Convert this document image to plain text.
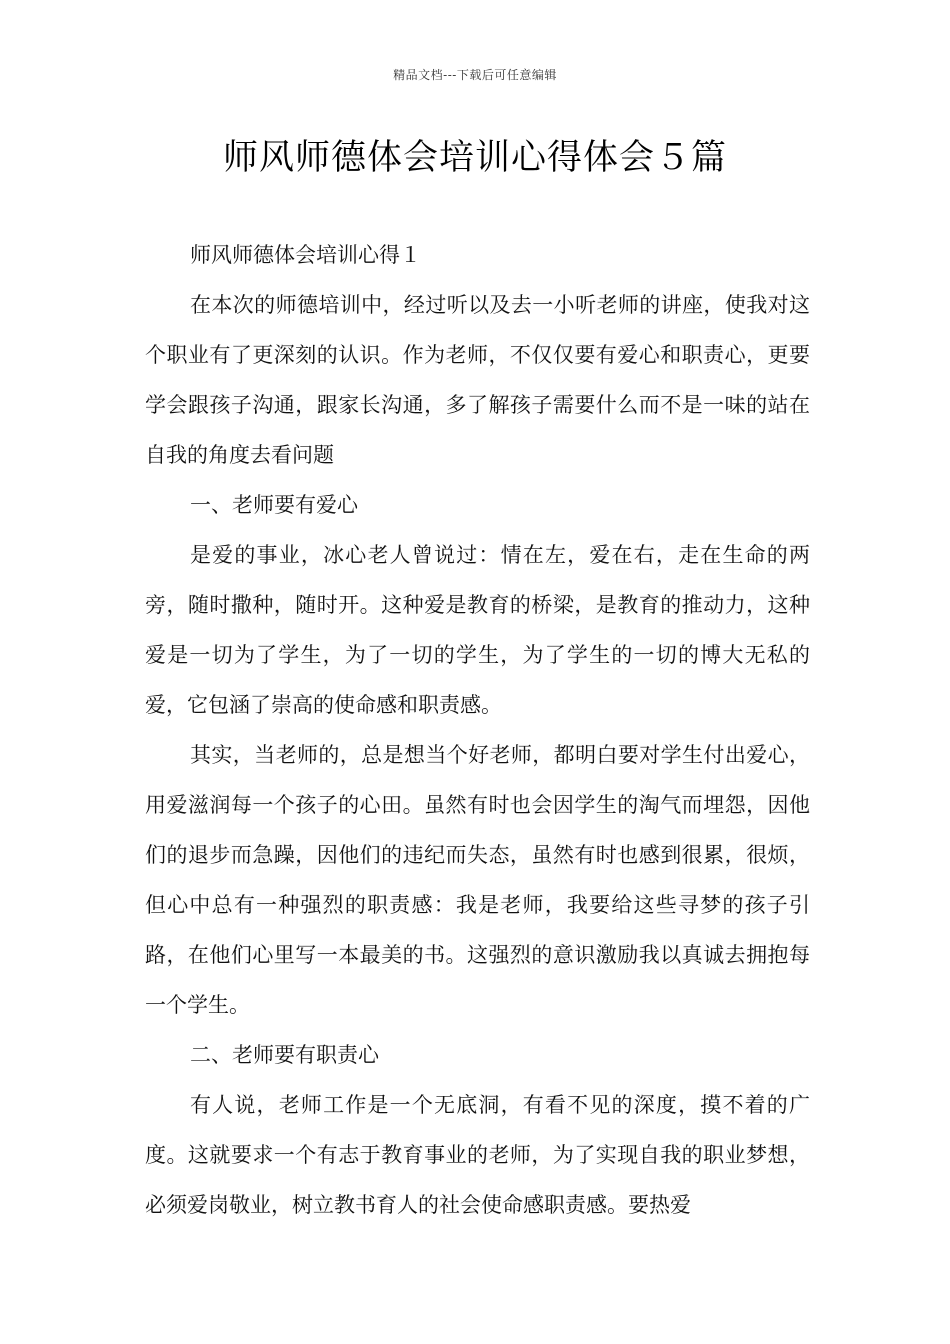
精品文档---下载后可任意编辑
师风师德体会培训心得体会５篇

师风师德体会培训心得１

在本次的师德培训中，经过听以及去一小听老师的讲座，使我对这个职业有了更深刻的认识。作为老师，不仅仅要有爱心和职责心，更要学会跟孩子沟通，跟家长沟通，多了解孩子需要什么而不是一味的站在自我的角度去看问题

一、老师要有爱心

是爱的事业，冰心老人曾说过：情在左，爱在右，走在生命的两旁，随时撒种，随时开。这种爱是教育的桥梁，是教育的推动力，这种爱是一切为了学生，为了一切的学生，为了学生的一切的博大无私的爱，它包涵了崇高的使命感和职责感。

其实，当老师的，总是想当个好老师，都明白要对学生付出爱心，用爱滋润每一个孩子的心田。虽然有时也会因学生的淘气而埋怨，因他们的退步而急躁，因他们的违纪而失态，虽然有时也感到很累，很烦，但心中总有一种强烈的职责感：我是老师，我要给这些寻梦的孩子引路，在他们心里写一本最美的书。这强烈的意识激励我以真诚去拥抱每一个学生。

二、老师要有职责心

有人说，老师工作是一个无底洞，有看不见的深度，摸不着的广度。这就要求一个有志于教育事业的老师，为了实现自我的职业梦想，必须爱岗敬业，树立教书育人的社会使命感职责感。要热爱
